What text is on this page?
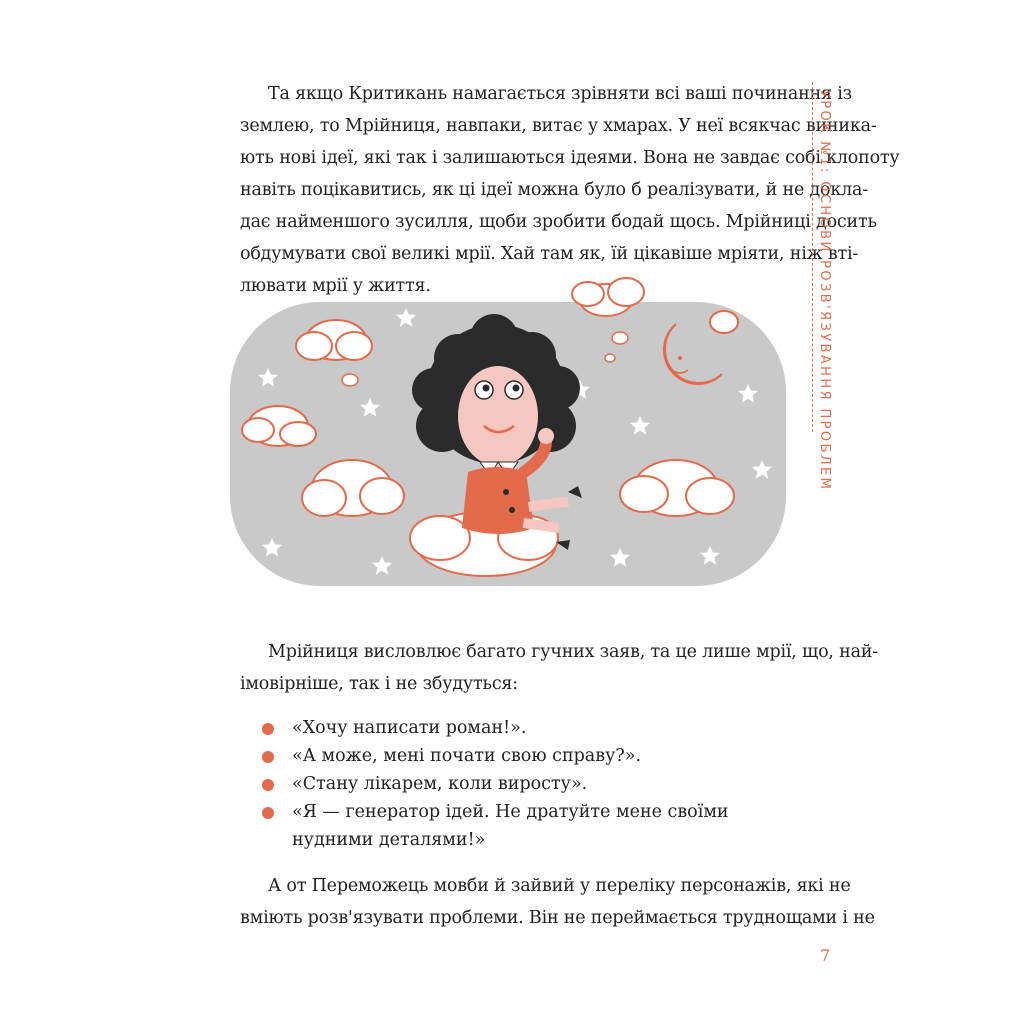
Та якщо Критикань намагається зрівняти всі ваші починання із
землею, то Мрійниця, навпаки, витає у хмарах. У неї всякчас виника-
ють нові ідеї, які так і залишаються ідеями. Вона не завдає собі клопоту
навіть поцікавитись, як ці ідеї можна було б реалізувати, й не доклa-
дає найменшого зусилля, щоби зробити бодай щось. Мрійниці досить
обдумувати свої великі мрії. Хай там як, їй цікавіше мріяти, ніж вті-
лювати мрії у життя.
Мрійниця висловлює багато гучних заяв, та це лише мрії, що, най-
імовірніше, так і не збудуться:
«Хочу написати роман!».
«А може, мені почати свою справу?».
«Стану лікарем, коли виросту».
«Я — генератор ідей. Не дратуйте мене своїми нудними деталями!»
А от Переможець мовби й зайвий у переліку персонажів, які не
вміють розв'язувати проблеми. Він не переймається труднощами і не
УРОК №1: ОСНОВИ РОЗВ'ЯЗУВАННЯ ПРОБЛЕМ
7
